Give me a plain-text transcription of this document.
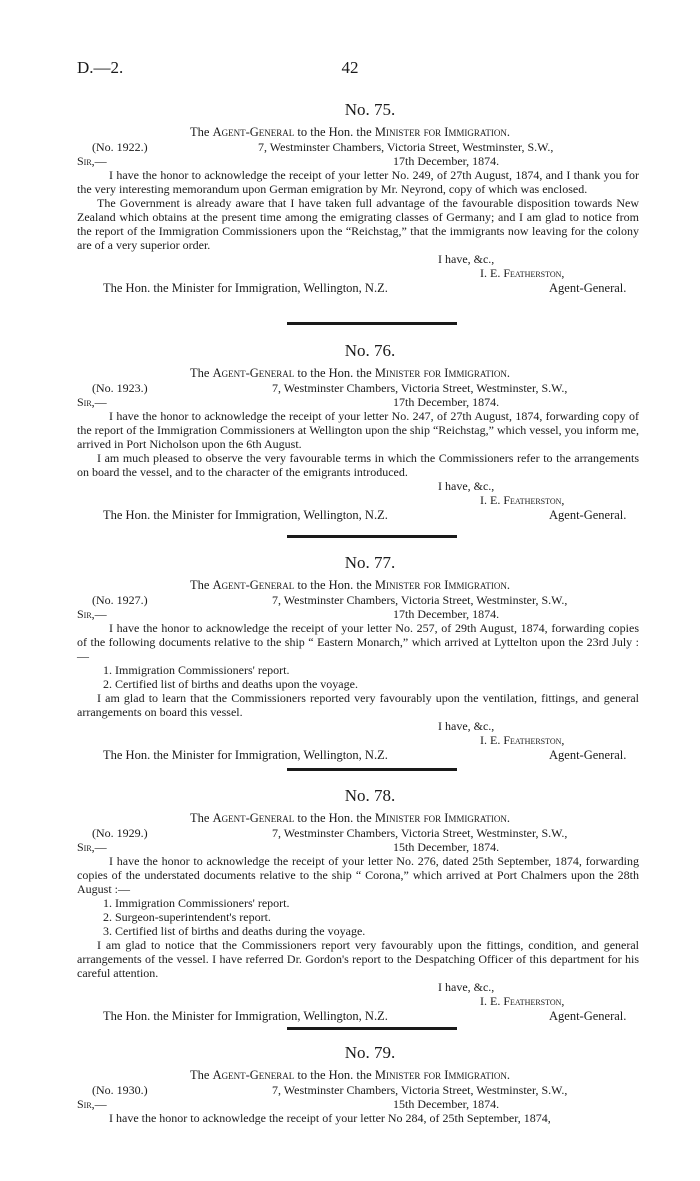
D.—2.	42
No. 75.
The Agent-General to the Hon. the Minister for Immigration.
(No. 1922.)	7, Westminster Chambers, Victoria Street, Westminster, S.W.,
Sir,—	17th December, 1874.
I have the honor to acknowledge the receipt of your letter No. 249, of 27th August, 1874, and I thank you for the very interesting memorandum upon German emigration by Mr. Neyrond, copy of which was enclosed.
The Government is already aware that I have taken full advantage of the favourable disposition towards New Zealand which obtains at the present time among the emigrating classes of Germany; and I am glad to notice from the report of the Immigration Commissioners upon the “Reichstag,” that the immigrants now leaving for the colony are of a very superior order.
I have, &c.,
I. E. Featherston,
The Hon. the Minister for Immigration, Wellington, N.Z.	Agent-General.
No. 76.
The Agent-General to the Hon. the Minister for Immigration.
(No. 1923.)	7, Westminster Chambers, Victoria Street, Westminster, S.W.,
Sir,—	17th December, 1874.
I have the honor to acknowledge the receipt of your letter No. 247, of 27th August, 1874, forwarding copy of the report of the Immigration Commissioners at Wellington upon the ship “Reichstag,” which vessel, you inform me, arrived in Port Nicholson upon the 6th August.
I am much pleased to observe the very favourable terms in which the Commissioners refer to the arrangements on board the vessel, and to the character of the emigrants introduced.
I have, &c.,
I. E. Featherston,
The Hon. the Minister for Immigration, Wellington, N.Z.	Agent-General.
No. 77.
The Agent-General to the Hon. the Minister for Immigration.
(No. 1927.)	7, Westminster Chambers, Victoria Street, Westminster, S.W.,
Sir,—	17th December, 1874.
I have the honor to acknowledge the receipt of your letter No. 257, of 29th August, 1874, forwarding copies of the following documents relative to the ship “ Eastern Monarch,” which arrived at Lyttelton upon the 23rd July :—
1. Immigration Commissioners' report.
2. Certified list of births and deaths upon the voyage.
I am glad to learn that the Commissioners reported very favourably upon the ventilation, fittings, and general arrangements on board this vessel.
I have, &c.,
I. E. Featherston,
The Hon. the Minister for Immigration, Wellington, N.Z.	Agent-General.
No. 78.
The Agent-General to the Hon. the Minister for Immigration.
(No. 1929.)	7, Westminster Chambers, Victoria Street, Westminster, S.W.,
Sir,—	15th December, 1874.
I have the honor to acknowledge the receipt of your letter No. 276, dated 25th September, 1874, forwarding copies of the understated documents relative to the ship “ Corona,” which arrived at Port Chalmers upon the 28th August :—
1. Immigration Commissioners' report.
2. Surgeon-superintendent's report.
3. Certified list of births and deaths during the voyage.
I am glad to notice that the Commissioners report very favourably upon the fittings, condition, and general arrangements of the vessel. I have referred Dr. Gordon's report to the Despatching Officer of this department for his careful attention.
I have, &c.,
I. E. Featherston,
The Hon. the Minister for Immigration, Wellington, N.Z.	Agent-General.
No. 79.
The Agent-General to the Hon. the Minister for Immigration.
(No. 1930.)	7, Westminster Chambers, Victoria Street, Westminster, S.W.,
Sir,—	15th December, 1874.
I have the honor to acknowledge the receipt of your letter No 284, of 25th September, 1874,
